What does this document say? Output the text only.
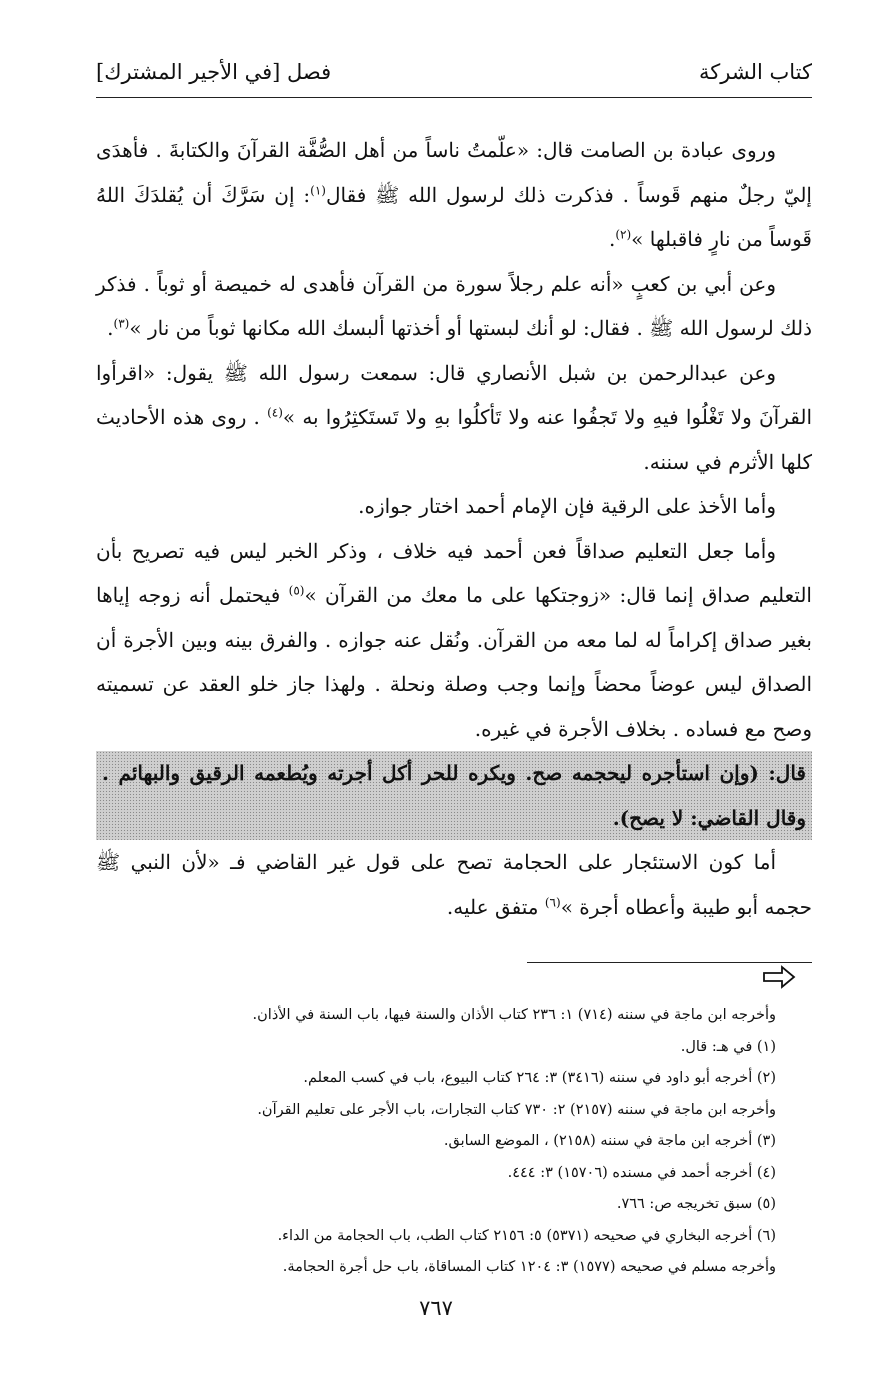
كتاب الشركة
فصل [في الأجير المشترك]

وروى عبادة بن الصامت قال: «علّمتُ ناساً من أهل الصُّفَّة القرآنَ والكتابةَ . فأهدَى إليّ رجلٌ منهم قَوساً . فذكرت ذلك لرسول الله ﷺ فقال$^{(١)}$: إن سَرَّكَ أن يُقلدَكَ اللهُ قَوساً من نارٍ فاقبلها »$^{(٢)}$.

وعن أبي بن كعبٍ «أنه علم رجلاً سورة من القرآن فأهدى له خميصة أو ثوباً . فذكر ذلك لرسول الله ﷺ . فقال: لو أنك لبستها أو أخذتها ألبسك الله مكانها ثوباً من نار »$^{(٣)}$.

وعن عبدالرحمن بن شبل الأنصاري قال: سمعت رسول الله ﷺ يقول: «اقرأوا القرآنَ ولا تَغْلُوا فيهِ ولا تَجفُوا عنه ولا تَأكلُوا بهِ ولا تَستَكثِرُوا به »$^{(٤)}$ . روى هذه الأحاديث كلها الأثرم في سننه.

وأما الأخذ على الرقية فإن الإمام أحمد اختار جوازه.

وأما جعل التعليم صداقاً فعن أحمد فيه خلاف ، وذكر الخبر ليس فيه تصريح بأن التعليم صداق إنما قال: «زوجتكها على ما معك من القرآن »$^{(٥)}$ فيحتمل أنه زوجه إياها بغير صداق إكراماً له لما معه من القرآن. ونُقل عنه جوازه . والفرق بينه وبين الأجرة أن الصداق ليس عوضاً محضاً وإنما وجب وصلة ونحلة . ولهذا جاز خلو العقد عن تسميته وصح مع فساده . بخلاف الأجرة في غيره.

قال: (وإن استأجره ليحجمه صح. ويكره للحر أكل أجرته ويُطعمه الرقيق والبهائم . وقال القاضي: لا يصح).

أما كون الاستئجار على الحجامة تصح على قول غير القاضي فـ «لأن النبي ﷺ حجمه أبو طيبة وأعطاه أجرة »$^{(٦)}$ متفق عليه.

وأخرجه ابن ماجة في سننه (٧١٤) ١: ٢٣٦ كتاب الأذان والسنة فيها، باب السنة في الأذان.
(١) في هـ: قال.
(٢) أخرجه أبو داود في سننه (٣٤١٦) ٣: ٢٦٤ كتاب البيوع، باب في كسب المعلم.
وأخرجه ابن ماجة في سننه (٢١٥٧) ٢: ٧٣٠ كتاب التجارات، باب الأجر على تعليم القرآن.
(٣) أخرجه ابن ماجة في سننه (٢١٥٨) ، الموضع السابق.
(٤) أخرجه أحمد في مسنده (١٥٧٠٦) ٣: ٤٤٤.
(٥) سبق تخريجه ص: ٧٦٦.
(٦) أخرجه البخاري في صحيحه (٥٣٧١) ٥: ٢١٥٦ كتاب الطب، باب الحجامة من الداء.
وأخرجه مسلم في صحيحه (١٥٧٧) ٣: ١٢٠٤ كتاب المساقاة، باب حل أجرة الحجامة.
٧٦٧
